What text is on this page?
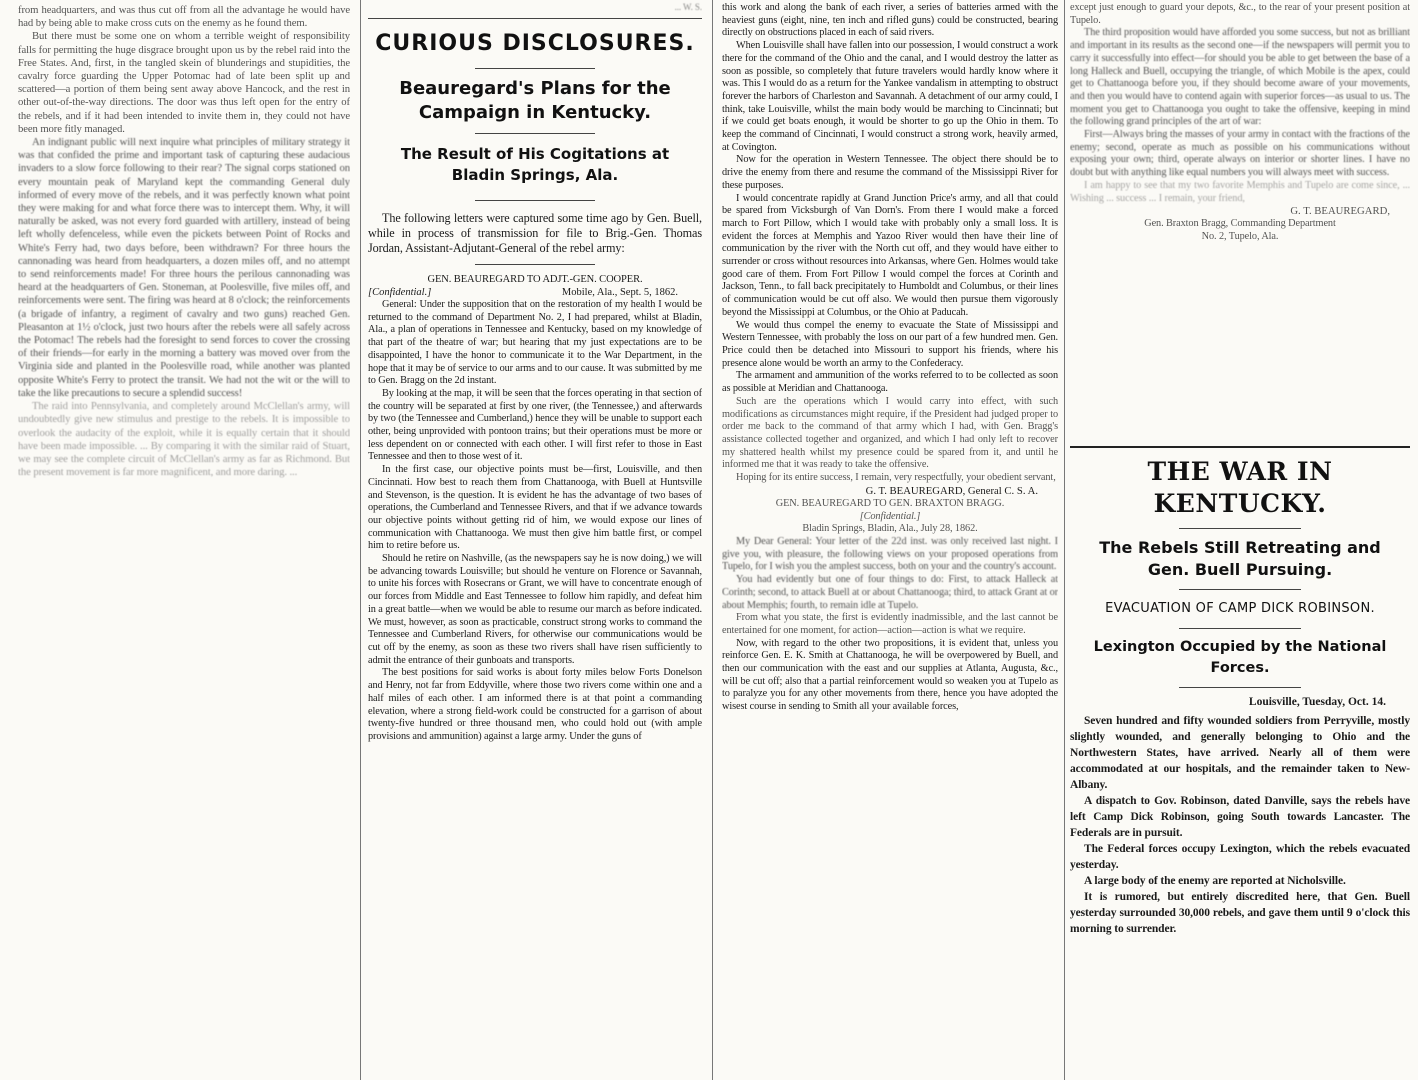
from headquarters, and was thus cut off from all the advantage he would have had by being able to make cross cuts on the enemy as he found them.

But there must be some one on whom a terrible weight of responsibility falls for permitting the huge disgrace brought upon us by the rebel raid into the Free States. And, first, in the tangled skein of blunderings and stupidities, the cavalry force guarding the Upper Potomac had of late been split up and scattered—a portion of them being sent away above Hancock, and the rest in other out-of-the-way directions. The door was thus left open for the entry of the rebels, and if it had been intended to invite them in, they could not have been more fitly managed.

An indignant public will next inquire what principles of military strategy it was that confided the prime and important task of capturing these audacious invaders to a slow force following to their rear? The signal corps stationed on every mountain peak of Maryland kept the commanding General duly informed of every move of the rebels, and it was perfectly known what point they were making for and what force there was to intercept them. Why, it will naturally be asked, was not every ford guarded with artillery, instead of being left wholly defenceless, while even the pickets between Point of Rocks and White's Ferry had, two days before, been withdrawn? For three hours the cannonading was heard from headquarters, a dozen miles off, and no attempt to send reinforcements made! For three hours the perilous cannonading was heard at the headquarters of Gen. Stoneman, at Poolesville, five miles off, and reinforcements were sent. The firing was heard at 8 o'clock; the reinforcements (a brigade of infantry, a regiment of cavalry and two guns) reached Gen. Pleasanton at 1½ o'clock, just two hours after the rebels were all safely across the Potomac! The rebels had the foresight to send forces to cover the crossing of their friends—for early in the morning a battery was moved over from the Virginia side and planted in the Poolesville road, while another was planted opposite White's Ferry to protect the transit. We had not the wit or the will to take the like precautions to secure a splendid success!

The raid into Pennsylvania, and completely around McClellan's army, will undoubtedly give new stimulus and prestige to the rebels. It is impossible to overlook the audacity of the exploit, while it is equally certain that it should have been made impossible. ... By comparing it with the similar raid of Stuart, we may see the complete circuit of McClellan's army as far as Richmond. But the present movement is far more magnificent, and more daring. ...

... W. S.

CURIOUS DISCLOSURES.

Beauregard's Plans for the Campaign in Kentucky.

The Result of His Cogitations at Bladin Springs, Ala.

The following letters were captured some time ago by Gen. Buell, while in process of transmission for file to Brig.-Gen. Thomas Jordan, Assistant-Adjutant-General of the rebel army:

GEN. BEAUREGARD TO ADJT.-GEN. COOPER.

[Confidential.]	Mobile, Ala., Sept. 5, 1862.

General: Under the supposition that on the restoration of my health I would be returned to the command of Department No. 2, I had prepared, whilst at Bladin, Ala., a plan of operations in Tennessee and Kentucky, based on my knowledge of that part of the theatre of war; but hearing that my just expectations are to be disappointed, I have the honor to communicate it to the War Department, in the hope that it may be of service to our arms and to our cause. It was submitted by me to Gen. Bragg on the 2d instant.

By looking at the map, it will be seen that the forces operating in that section of the country will be separated at first by one river, (the Tennessee,) and afterwards by two (the Tennessee and Cumberland,) hence they will be unable to support each other, being unprovided with pontoon trains; but their operations must be more or less dependent on or connected with each other. I will first refer to those in East Tennessee and then to those west of it.

In the first case, our objective points must be—first, Louisville, and then Cincinnati. How best to reach them from Chattanooga, with Buell at Huntsville and Stevenson, is the question. It is evident he has the advantage of two bases of operations, the Cumberland and Tennessee Rivers, and that if we advance towards our objective points without getting rid of him, we would expose our lines of communication with Chattanooga. We must then give him battle first, or compel him to retire before us.

Should he retire on Nashville, (as the newspapers say he is now doing,) we will be advancing towards Louisville; but should he venture on Florence or Savannah, to unite his forces with Rosecrans or Grant, we will have to concentrate enough of our forces from Middle and East Tennessee to follow him rapidly, and defeat him in a great battle—when we would be able to resume our march as before indicated. We must, however, as soon as practicable, construct strong works to command the Tennessee and Cumberland Rivers, for otherwise our communications would be cut off by the enemy, as soon as these two rivers shall have risen sufficiently to admit the entrance of their gunboats and transports.

The best positions for said works is about forty miles below Forts Donelson and Henry, not far from Eddyville, where those two rivers come within one and a half miles of each other. I am informed there is at that point a commanding elevation, where a strong field-work could be constructed for a garrison of about twenty-five hundred or three thousand men, who could hold out (with ample provisions and ammunition) against a large army. Under the guns of

this work and along the bank of each river, a series of batteries armed with the heaviest guns (eight, nine, ten inch and rifled guns) could be constructed, bearing directly on obstructions placed in each of said rivers.

When Louisville shall have fallen into our possession, I would construct a work there for the command of the Ohio and the canal, and I would destroy the latter as soon as possible, so completely that future travelers would hardly know where it was. This I would do as a return for the Yankee vandalism in attempting to obstruct forever the harbors of Charleston and Savannah. A detachment of our army could, I think, take Louisville, whilst the main body would be marching to Cincinnati; but if we could get boats enough, it would be shorter to go up the Ohio in them. To keep the command of Cincinnati, I would construct a strong work, heavily armed, at Covington.

Now for the operation in Western Tennessee. The object there should be to drive the enemy from there and resume the command of the Mississippi River for these purposes.

I would concentrate rapidly at Grand Junction Price's army, and all that could be spared from Vicksburgh of Van Dorn's. From there I would make a forced march to Fort Pillow, which I would take with probably only a small loss. It is evident the forces at Memphis and Yazoo River would then have their line of communication by the river with the North cut off, and they would have either to surrender or cross without resources into Arkansas, where Gen. Holmes would take good care of them. From Fort Pillow I would compel the forces at Corinth and Jackson, Tenn., to fall back precipitately to Humboldt and Columbus, or their lines of communication would be cut off also. We would then pursue them vigorously beyond the Mississippi at Columbus, or the Ohio at Paducah.

We would thus compel the enemy to evacuate the State of Mississippi and Western Tennessee, with probably the loss on our part of a few hundred men. Gen. Price could then be detached into Missouri to support his friends, where his presence alone would be worth an army to the Confederacy.

The armament and ammunition of the works referred to to be collected as soon as possible at Meridian and Chattanooga.

Such are the operations which I would carry into effect, with such modifications as circumstances might require, if the President had judged proper to order me back to the command of that army which I had, with Gen. Bragg's assistance collected together and organized, and which I had only left to recover my shattered health whilst my presence could be spared from it, and until he informed me that it was ready to take the offensive.

Hoping for its entire success, I remain, very respectfully, your obedient servant,

G. T. BEAUREGARD, General C. S. A.

GEN. BEAUREGARD TO GEN. BRAXTON BRAGG.

[Confidential.]

Bladin Springs, Bladin, Ala., July 28, 1862.

My Dear General: Your letter of the 22d inst. was only received last night. I give you, with pleasure, the following views on your proposed operations from Tupelo, for I wish you the amplest success, both on your and the country's account.

You had evidently but one of four things to do: First, to attack Halleck at Corinth; second, to attack Buell at or about Chattanooga; third, to attack Grant at or about Memphis; fourth, to remain idle at Tupelo.

From what you state, the first is evidently inadmissible, and the last cannot be entertained for one moment, for action—action—action is what we require.

Now, with regard to the other two propositions, it is evident that, unless you reinforce Gen. E. K. Smith at Chattanooga, he will be overpowered by Buell, and then our communication with the east and our supplies at Atlanta, Augusta, &c., will be cut off; also that a partial reinforcement would so weaken you at Tupelo as to paralyze you for any other movements from there, hence you have adopted the wisest course in sending to Smith all your available forces,

except just enough to guard your depots, &c., to the rear of your present position at Tupelo.

The third proposition would have afforded you some success, but not as brilliant and important in its results as the second one—if the newspapers will permit you to carry it successfully into effect—for should you be able to get between the base of a long Halleck and Buell, occupying the triangle, of which Mobile is the apex, could get to Chattanooga before you, if they should become aware of your movements, and then you would have to contend again with superior forces—as usual to us. The moment you get to Chattanooga you ought to take the offensive, keeping in mind the following grand principles of the art of war:

First—Always bring the masses of your army in contact with the fractions of the enemy; second, operate as much as possible on his communications without exposing your own; third, operate always on interior or shorter lines. I have no doubt but with anything like equal numbers you will always meet with success.

I am happy to see that my two favorite Memphis and Tupelo are come since, ... Wishing ... success ... I remain, your friend,

G. T. BEAUREGARD,

Gen. Braxton Bragg, Commanding Department

No. 2, Tupelo, Ala.

THE WAR IN KENTUCKY.

The Rebels Still Retreating and Gen. Buell Pursuing.

EVACUATION OF CAMP DICK ROBINSON.

Lexington Occupied by the National Forces.

Louisville, Tuesday, Oct. 14.

Seven hundred and fifty wounded soldiers from Perryville, mostly slightly wounded, and generally belonging to Ohio and the Northwestern States, have arrived. Nearly all of them were accommodated at our hospitals, and the remainder taken to New-Albany.

A dispatch to Gov. Robinson, dated Danville, says the rebels have left Camp Dick Robinson, going South towards Lancaster. The Federals are in pursuit.

The Federal forces occupy Lexington, which the rebels evacuated yesterday.

A large body of the enemy are reported at Nicholsville.

It is rumored, but entirely discredited here, that Gen. Buell yesterday surrounded 30,000 rebels, and gave them until 9 o'clock this morning to surrender.
